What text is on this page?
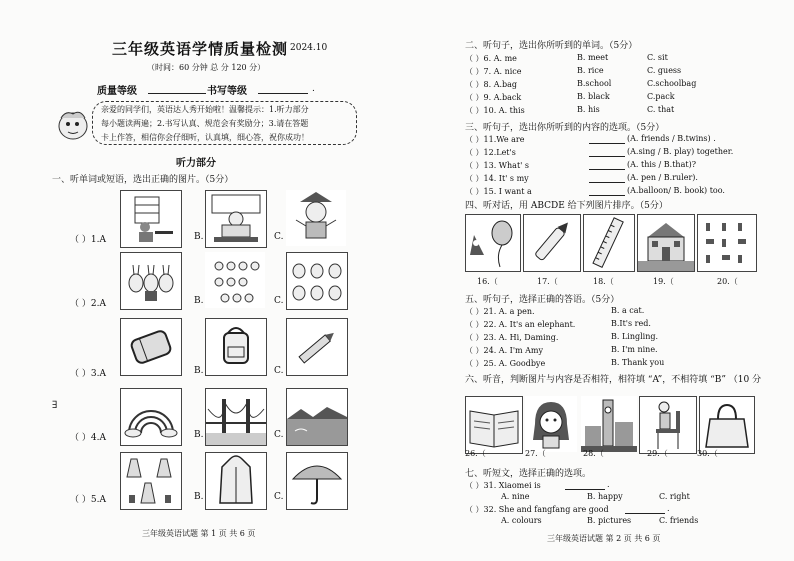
三年级英语学情质量检测 2024.10
（时间：60 分钟 总 分 120 分）
质量等级	书写等级	.
亲爱的同学们，英语达人秀开始啦！温馨提示：1.听力部分
每小题读两遍；2.书写认真、规范会有奖励分；3.请在答题
卡上作答，相信你会仔细听，认真填，细心答，祝你成功！
听力部分
一、听单词或短语，选出正确的图片。（5分）
（ ）1.A	B.	C.
（ ）2.A	B.	C.
（ ）3.A	B.	C.
（ ）4.A	B.	C.
（ ）5.A	B.	C.
∃
三年级英语试题 第 1 页 共 6 页
二、听句子，选出你所听到的单词。（5分）
（ ）6. A. me	B. meet	C. sit
（ ）7. A. nice	B. rice	C. guess
（ ）8. A.bag	B.school	C.schoolbag
（ ）9. A.back	B. black	C.pack
（ ）10. A. this	B. his	C. that
三、听句子，选出你所听到的内容的选项。（5分）
（ ）11.We are	(A. friends / B.twins) .
（ ）12.Let's	(A.sing / B. play) together.
（ ）13. What' s	(A. this / B.that)?
（ ）14. It' s my	(A. pen / B.ruler).
（ ）15. I want a	(A.balloon/ B. book) too.
四、听对话，用 ABCDE 给下列图片排序。（5分）
16.（	17.（	18.（	19.（	20.（
五、听句子，选择正确的答语。（5分）
（ ）21. A. a pen.	B. a cat.
（ ）22. A. It's an elephant.	B.It's red.
（ ）23. A. Hi, Daming.	B. Lingling.
（ ）24. A. I'm Amy	B. I'm nine.
（ ）25. A. Goodbye	B. Thank you
六、听音，判断图片与内容是否相符，相符填 “A”，不相符填 “B” （10 分
26.（	27.（	28.（	29.（	30.（
七、听短文，选择正确的选项。
（ ）31. Xiaomei is	.
A. nine	B. happy	C. right
（ ）32. She and fangfang are good	.
A. colours	B. pictures	C. friends
三年级英语试题 第 2 页 共 6 页
